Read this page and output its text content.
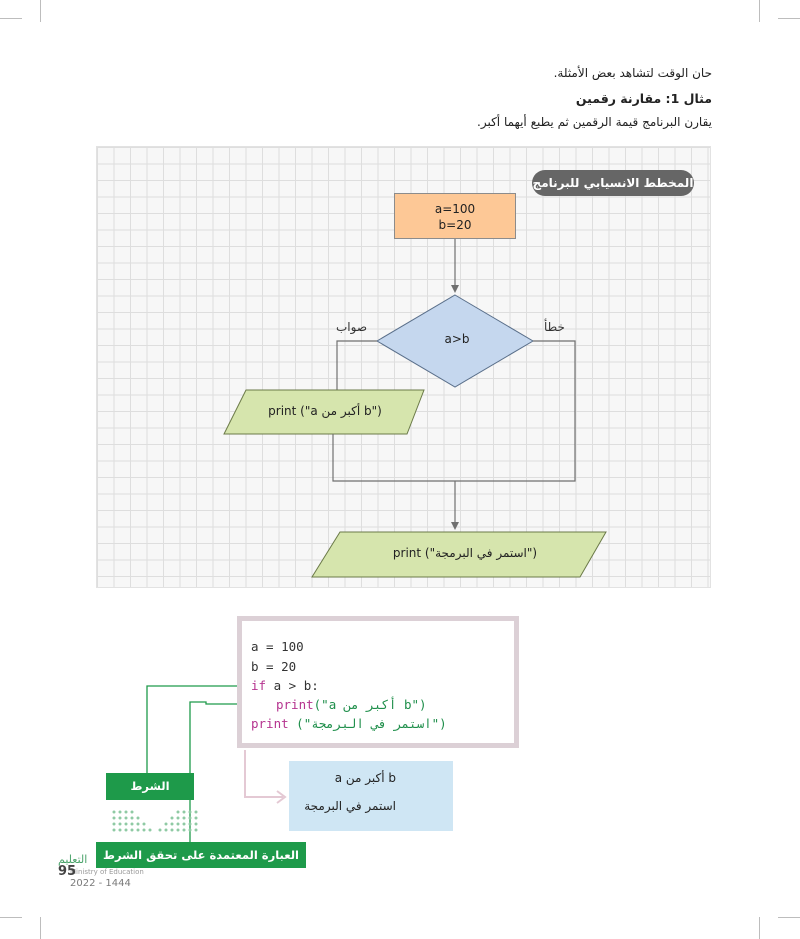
حان الوقت لتشاهد بعض الأمثلة.
مثال 1: مقارنة رقمين
يقارن البرنامج قيمة الرقمين ثم يطبع أيهما أكبر.
المخطط الانسيابي للبرنامج
a=100
b=20
a>b
صواب	خطأ
print ("a أكبر من b")
print ("استمر في البرمجة")
a = 100
b = 20
if a > b:
print("a أكبر من b")
print ("استمر في البرمجة")
a أكبر من b
استمر في البرمجة
الشرط
العبارة المعتمدة على تحقق الشرط
التعليم
Ministry of Education
95
2022 - 1444
